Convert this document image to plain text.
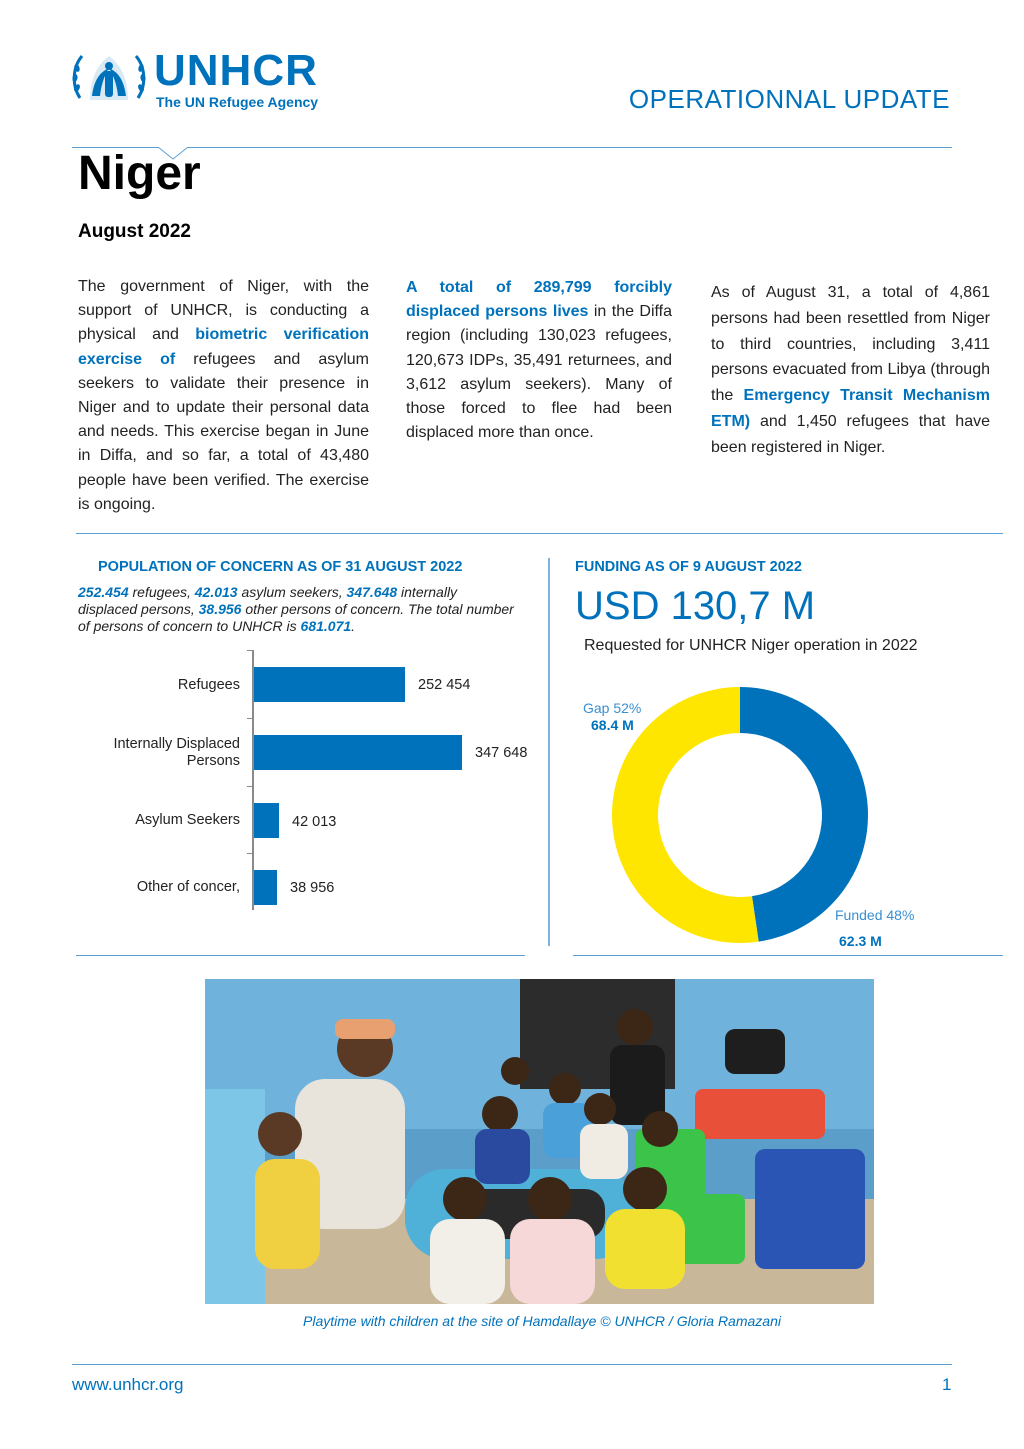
UNHCR
The UN Refugee Agency	OPERATIONNAL UPDATE
Niger
August 2022
The government of Niger, with the support of UNHCR, is conducting a physical and biometric verification exercise of refugees and asylum seekers to validate their presence in Niger and to update their personal data and needs. This exercise began in June in Diffa, and so far, a total of 43,480 people have been verified. The exercise is ongoing.
A total of 289,799 forcibly displaced persons lives in the Diffa region (including 130,023 refugees, 120,673 IDPs, 35,491 returnees, and 3,612 asylum seekers). Many of those forced to flee had been displaced more than once.
As of August 31, a total of 4,861 persons had been resettled from Niger to third countries, including 3,411 persons evacuated from Libya (through the Emergency Transit Mechanism ETM) and 1,450 refugees that have been registered in Niger.
POPULATION OF CONCERN AS OF 31 AUGUST 2022
252.454 refugees, 42.013 asylum seekers, 347.648 internally displaced persons, 38.956 other persons of concern. The total number of persons of concern to UNHCR is 681.071.
Refugees	252 454
Internally Displaced Persons	347 648
Asylum Seekers	42 013
Other of concer,	38 956
FUNDING AS OF 9 AUGUST 2022
USD 130,7 M
Requested for UNHCR Niger operation in 2022
Gap 52%
68.4 M
Funded 48%
62.3 M
Playtime with children at the site of Hamdallaye © UNHCR / Gloria Ramazani
www.unhcr.org	1
